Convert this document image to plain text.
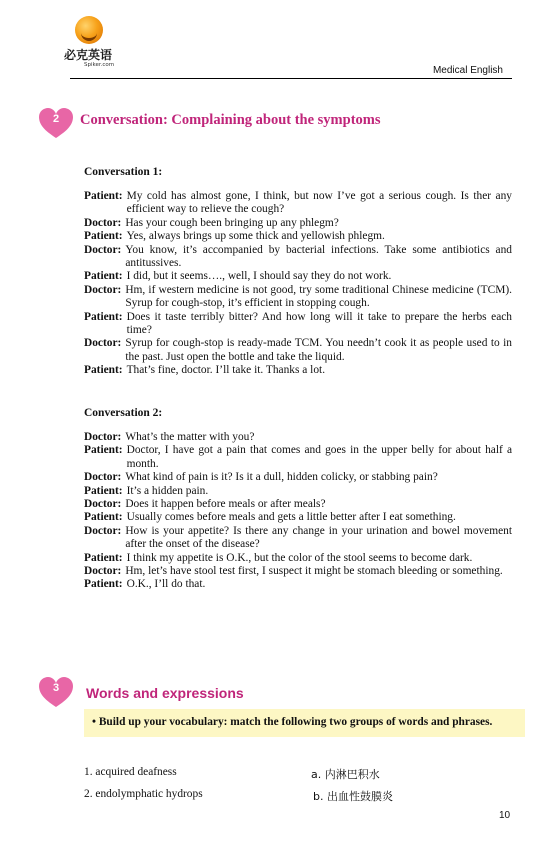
必克英语
Spiker.com	Medical English
2	Conversation: Complaining about the symptoms
Conversation 1:
Patient: My cold has almost gone, I think, but now I’ve got a serious cough. Is ther any efficient way to relieve the cough?
Doctor: Has your cough been bringing up any phlegm?
Patient: Yes, always brings up some thick and yellowish phlegm.
Doctor: You know, it’s accompanied by bacterial infections. Take some antibiotics and antitussives.
Patient: I did, but it seems…., well, I should say they do not work.
Doctor: Hm, if western medicine is not good, try some traditional Chinese medicine (TCM). Syrup for cough-stop, it’s efficient in stopping cough.
Patient: Does it taste terribly bitter? And how long will it take to prepare the herbs each time?
Doctor: Syrup for cough-stop is ready-made TCM. You needn’t cook it as people used to in the past. Just open the bottle and take the liquid.
Patient: That’s fine, doctor. I’ll take it. Thanks a lot.
Conversation 2:
Doctor: What’s the matter with you?
Patient: Doctor, I have got a pain that comes and goes in the upper belly for about half a month.
Doctor: What kind of pain is it? Is it a dull, hidden colicky, or stabbing pain?
Patient: It’s a hidden pain.
Doctor: Does it happen before meals or after meals?
Patient: Usually comes before meals and gets a little better after I eat something.
Doctor: How is your appetite? Is there any change in your urination and bowel movement after the onset of the disease?
Patient: I think my appetite is O.K., but the color of the stool seems to become dark.
Doctor: Hm, let’s have stool test first, I suspect it might be stomach bleeding or something.
Patient: O.K., I’ll do that.
3	Words and expressions
• Build up your vocabulary: match the following two groups of words and phrases.
1. acquired deafness
2. endolymphatic hydrops
a. 内淋巴积水
b. 出血性鼓膜炎
10
